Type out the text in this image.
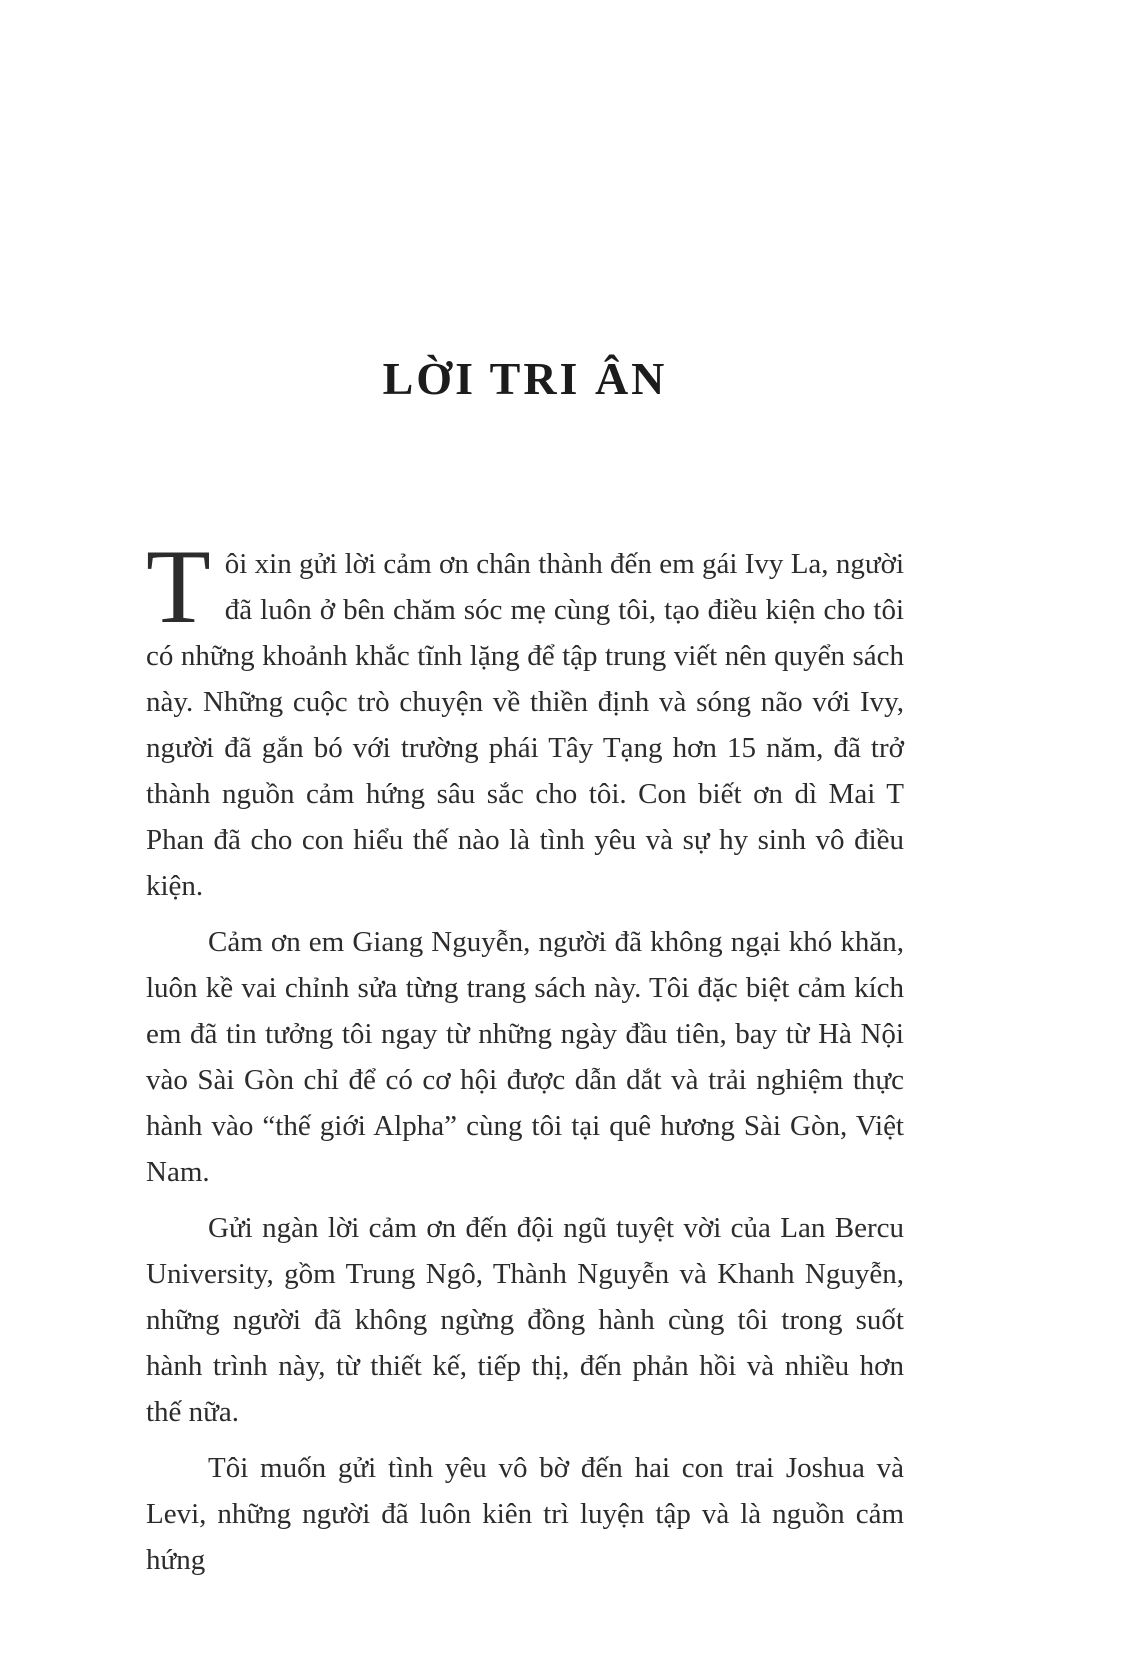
LỜI TRI ÂN

Tôi xin gửi lời cảm ơn chân thành đến em gái Ivy La, người đã luôn ở bên chăm sóc mẹ cùng tôi, tạo điều kiện cho tôi có những khoảnh khắc tĩnh lặng để tập trung viết nên quyển sách này. Những cuộc trò chuyện về thiền định và sóng não với Ivy, người đã gắn bó với trường phái Tây Tạng hơn 15 năm, đã trở thành nguồn cảm hứng sâu sắc cho tôi. Con biết ơn dì Mai T Phan đã cho con hiểu thế nào là tình yêu và sự hy sinh vô điều kiện.

Cảm ơn em Giang Nguyễn, người đã không ngại khó khăn, luôn kề vai chỉnh sửa từng trang sách này. Tôi đặc biệt cảm kích em đã tin tưởng tôi ngay từ những ngày đầu tiên, bay từ Hà Nội vào Sài Gòn chỉ để có cơ hội được dẫn dắt và trải nghiệm thực hành vào “thế giới Alpha” cùng tôi tại quê hương Sài Gòn, Việt Nam.

Gửi ngàn lời cảm ơn đến đội ngũ tuyệt vời của Lan Bercu University, gồm Trung Ngô, Thành Nguyễn và Khanh Nguyễn, những người đã không ngừng đồng hành cùng tôi trong suốt hành trình này, từ thiết kế, tiếp thị, đến phản hồi và nhiều hơn thế nữa.

Tôi muốn gửi tình yêu vô bờ đến hai con trai Joshua và Levi, những người đã luôn kiên trì luyện tập và là nguồn cảm hứng
